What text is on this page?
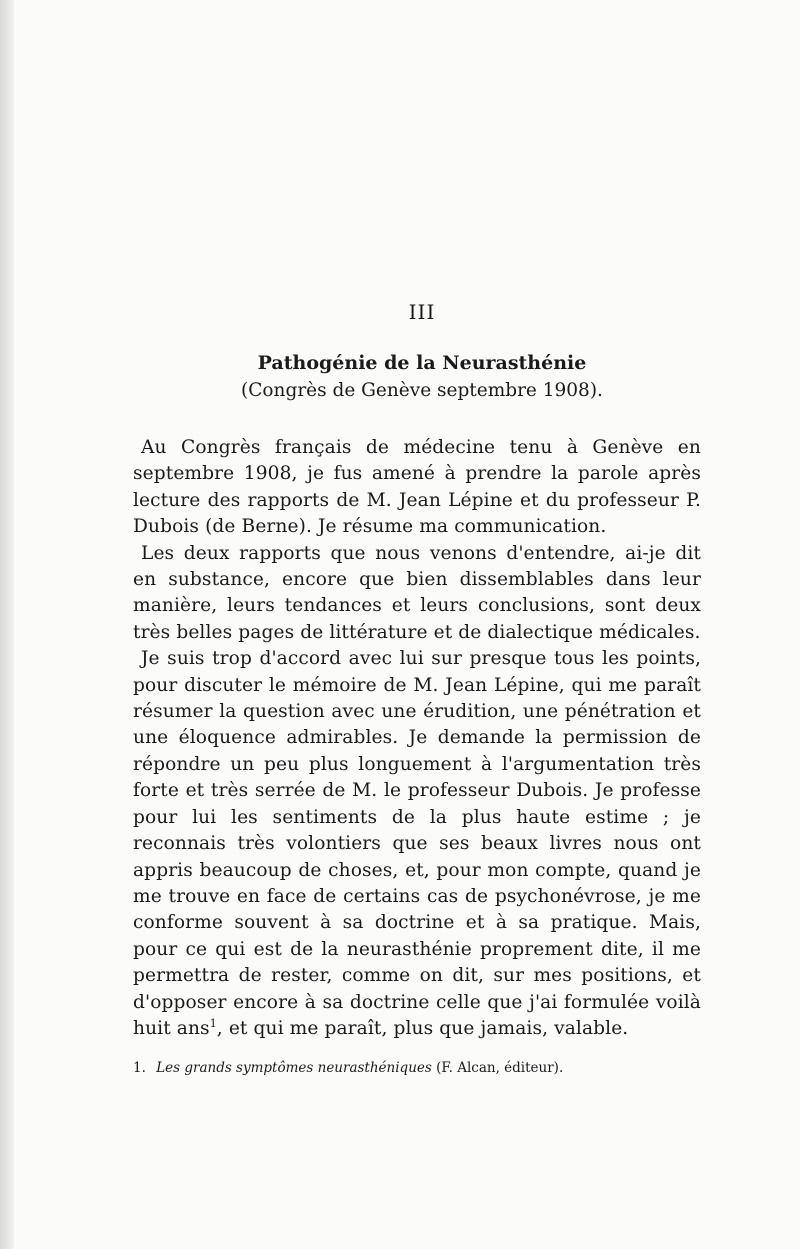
III
Pathogénie de la Neurasthénie
(Congrès de Genève septembre 1908).

Au Congrès français de médecine tenu à Genève en septembre 1908, je fus amené à prendre la parole après lecture des rapports de M. Jean Lépine et du professeur P. Dubois (de Berne). Je résume ma communication.

Les deux rapports que nous venons d'entendre, ai-je dit en substance, encore que bien dissemblables dans leur manière, leurs tendances et leurs conclusions, sont deux très belles pages de littérature et de dialectique médicales.

Je suis trop d'accord avec lui sur presque tous les points, pour discuter le mémoire de M. Jean Lépine, qui me paraît résumer la question avec une érudition, une pénétration et une éloquence admirables. Je demande la permission de répondre un peu plus longuement à l'argumentation très forte et très serrée de M. le professeur Dubois. Je professe pour lui les sentiments de la plus haute estime ; je reconnais très volontiers que ses beaux livres nous ont appris beaucoup de choses, et, pour mon compte, quand je me trouve en face de certains cas de psychonévrose, je me conforme souvent à sa doctrine et à sa pratique. Mais, pour ce qui est de la neurasthénie proprement dite, il me permettra de rester, comme on dit, sur mes positions, et d'opposer encore à sa doctrine celle que j'ai formulée voilà huit ans$^1$, et qui me paraît, plus que jamais, valable.

1. Les grands symptômes neurasthéniques (F. Alcan, éditeur).
